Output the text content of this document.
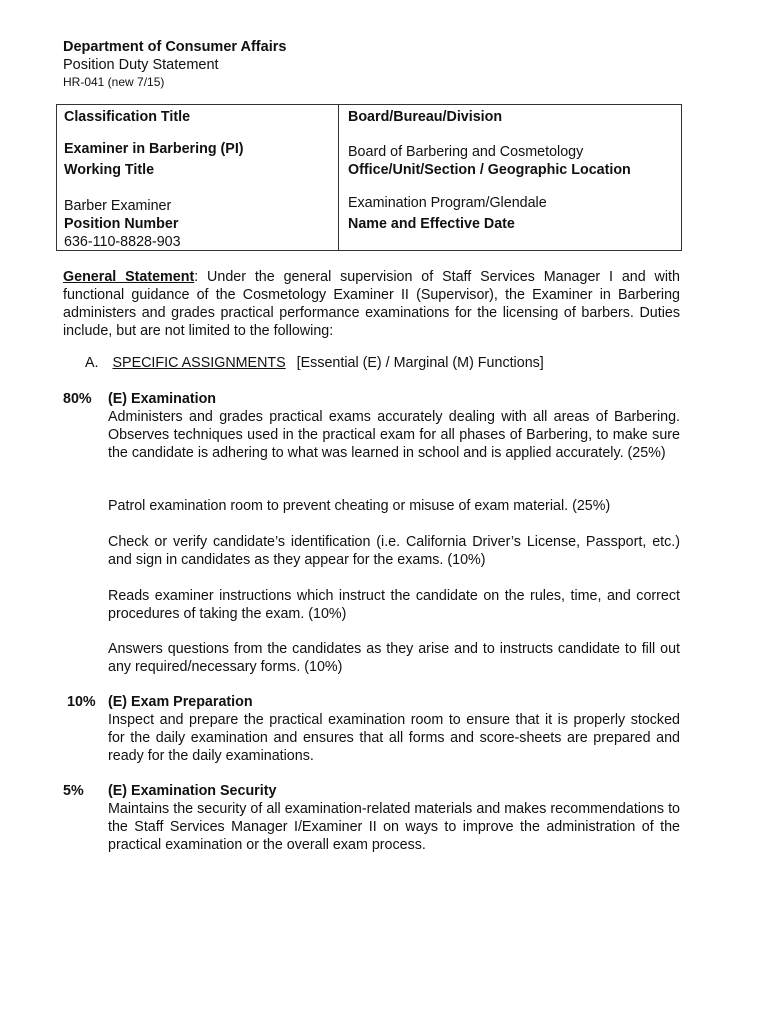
Department of Consumer Affairs
Position Duty Statement
HR-041 (new 7/15)
Classification Title
Examiner in Barbering (PI)
Working Title
Barber Examiner
Position Number
636-110-8828-903
Board/Bureau/Division
Board of Barbering and Cosmetology
Office/Unit/Section / Geographic Location
Examination Program/Glendale
Name and Effective Date
General Statement: Under the general supervision of Staff Services Manager I and with functional guidance of the Cosmetology Examiner II (Supervisor), the Examiner in Barbering administers and grades practical performance examinations for the licensing of barbers. Duties include, but are not limited to the following:
A. SPECIFIC ASSIGNMENTS [Essential (E) / Marginal (M) Functions]
80% (E) Examination
Administers and grades practical exams accurately dealing with all areas of Barbering. Observes techniques used in the practical exam for all phases of Barbering, to make sure the candidate is adhering to what was learned in school and is applied accurately. (25%)
Patrol examination room to prevent cheating or misuse of exam material. (25%)
Check or verify candidate’s identification (i.e. California Driver’s License, Passport, etc.) and sign in candidates as they appear for the exams. (10%)
Reads examiner instructions which instruct the candidate on the rules, time, and correct procedures of taking the exam. (10%)
Answers questions from the candidates as they arise and to instructs candidate to fill out any required/necessary forms. (10%)
10% (E) Exam Preparation
Inspect and prepare the practical examination room to ensure that it is properly stocked for the daily examination and ensures that all forms and score-sheets are prepared and ready for the daily examinations.
5% (E) Examination Security
Maintains the security of all examination-related materials and makes recommendations to the Staff Services Manager I/Examiner II on ways to improve the administration of the practical examination or the overall exam process.
